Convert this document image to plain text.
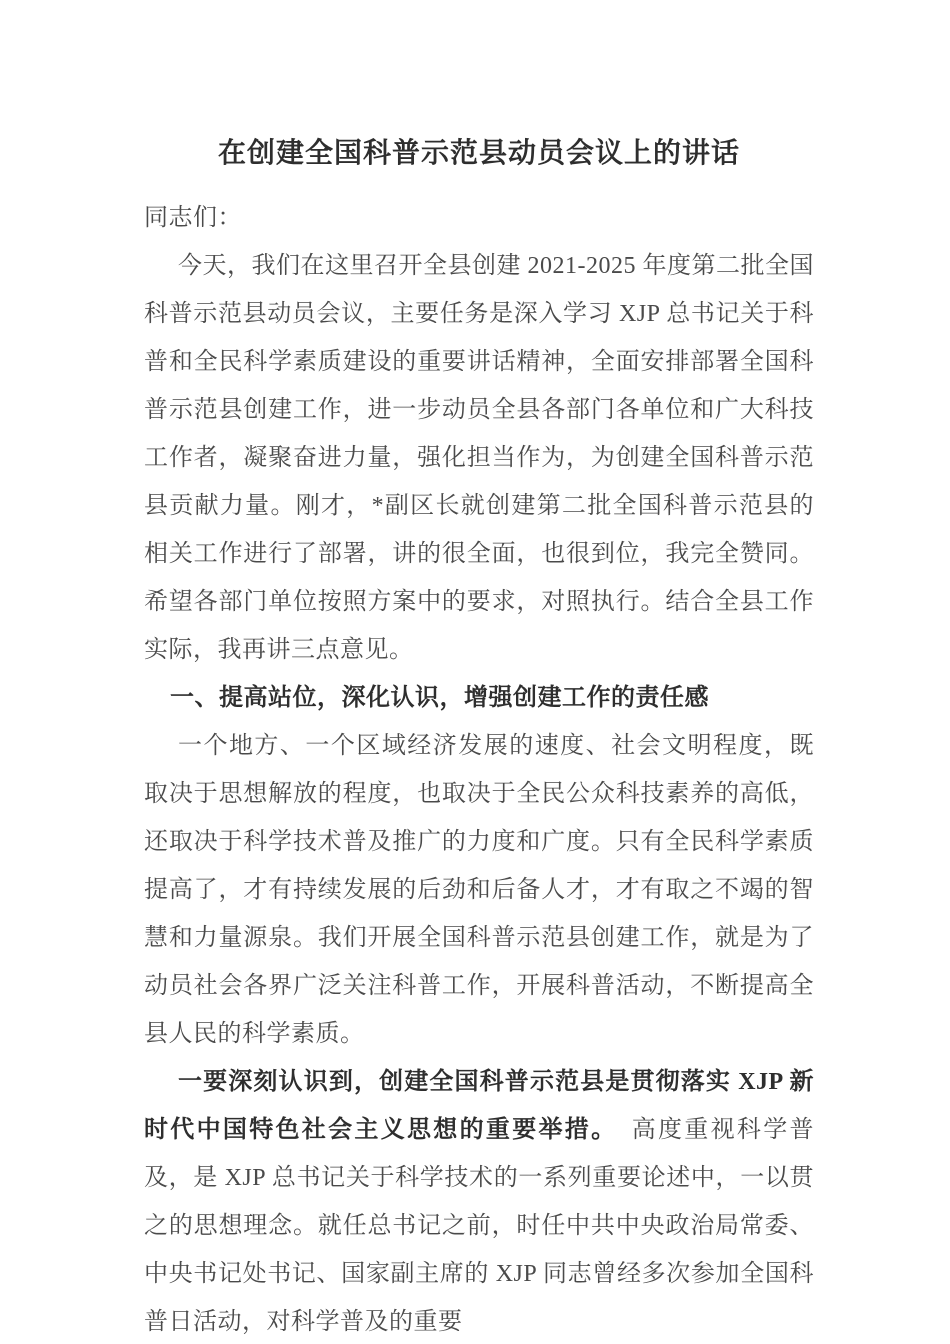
在创建全国科普示范县动员会议上的讲话

同志们：

今天，我们在这里召开全县创建 2021-2025 年度第二批全国科普示范县动员会议，主要任务是深入学习 XJP 总书记关于科普和全民科学素质建设的重要讲话精神，全面安排部署全国科普示范县创建工作，进一步动员全县各部门各单位和广大科技工作者，凝聚奋进力量，强化担当作为，为创建全国科普示范县贡献力量。刚才，*副区长就创建第二批全国科普示范县的相关工作进行了部署，讲的很全面，也很到位，我完全赞同。希望各部门单位按照方案中的要求，对照执行。结合全县工作实际，我再讲三点意见。

一、提高站位，深化认识，增强创建工作的责任感

一个地方、一个区域经济发展的速度、社会文明程度，既取决于思想解放的程度，也取决于全民公众科技素养的高低，还取决于科学技术普及推广的力度和广度。只有全民科学素质提高了，才有持续发展的后劲和后备人才，才有取之不竭的智慧和力量源泉。我们开展全国科普示范县创建工作，就是为了动员社会各界广泛关注科普工作，开展科普活动，不断提高全县人民的科学素质。

一要深刻认识到，创建全国科普示范县是贯彻落实 XJP 新时代中国特色社会主义思想的重要举措。　高度重视科学普及，是 XJP 总书记关于科学技术的一系列重要论述中，一以贯之的思想理念。就任总书记之前，时任中共中央政治局常委、中央书记处书记、国家副主席的 XJP 同志曾经多次参加全国科普日活动，对科学普及的重要
